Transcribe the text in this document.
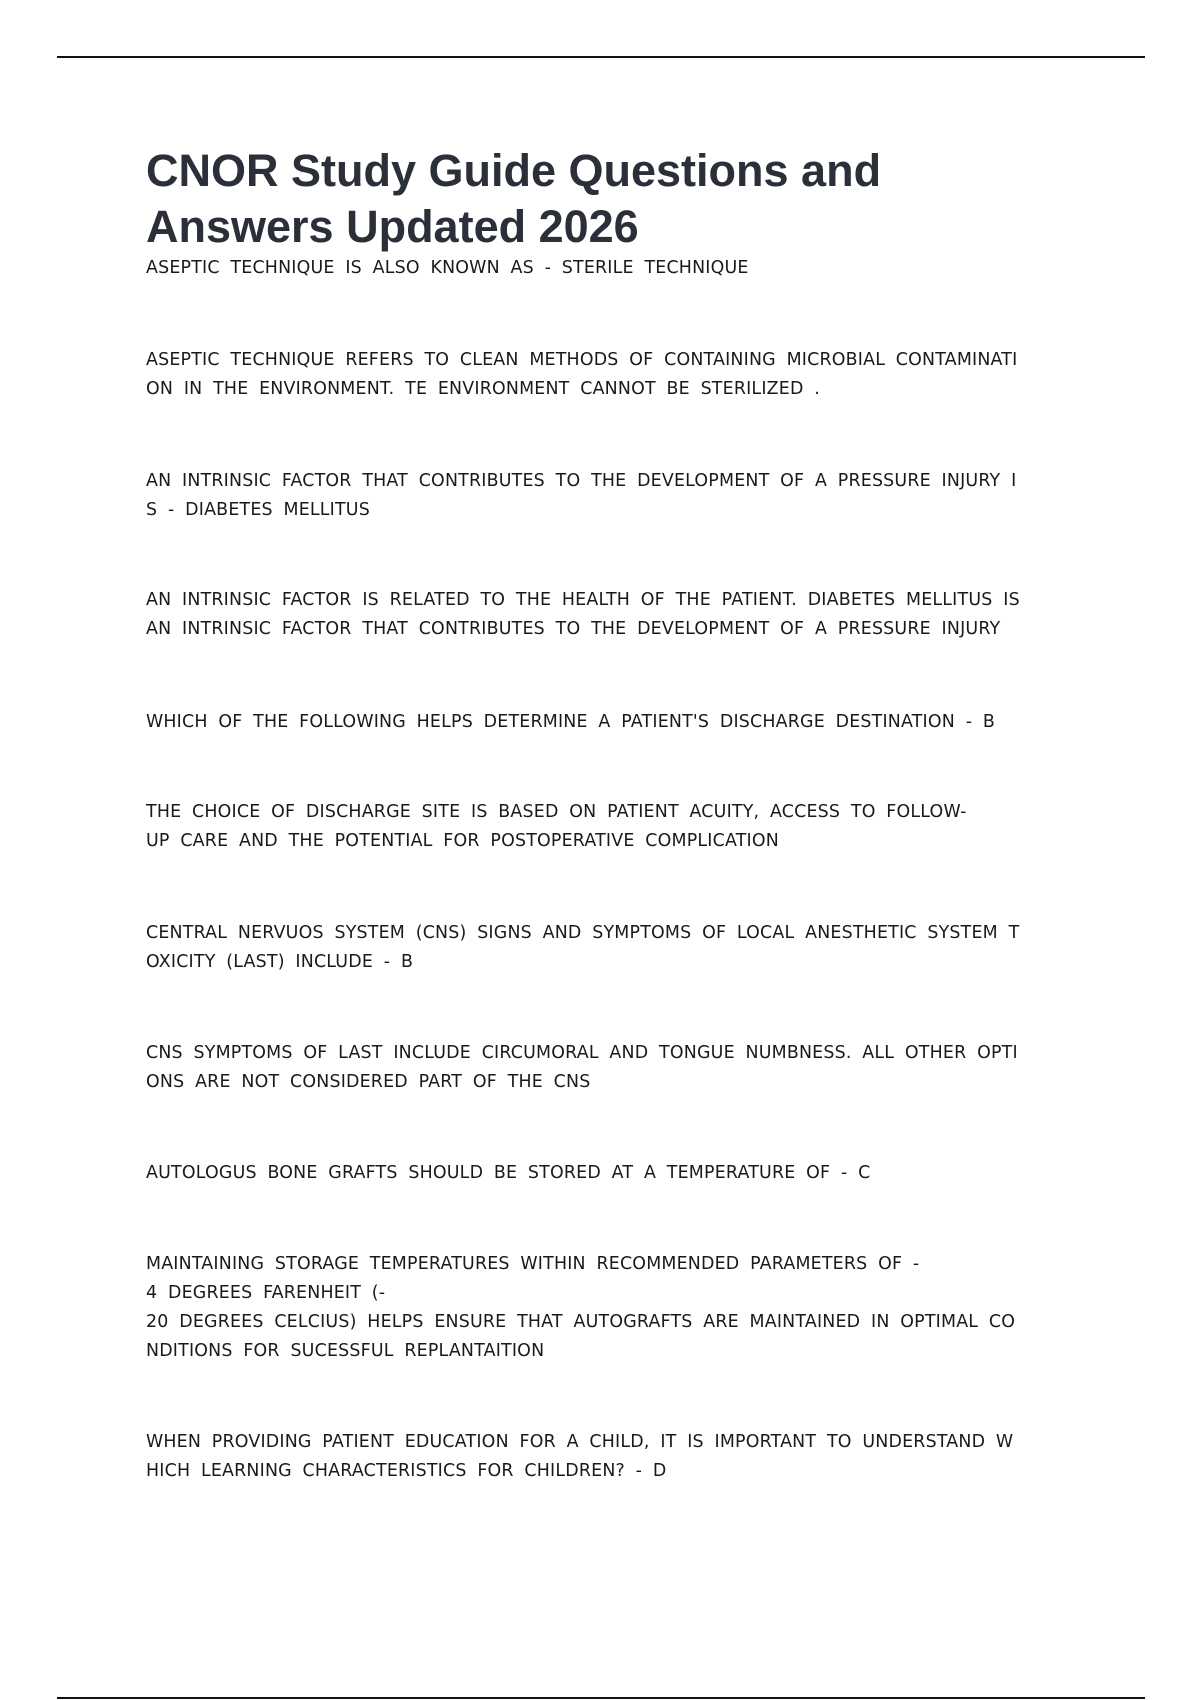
CNOR Study Guide Questions and
Answers Updated 2026
ASEPTIC TECHNIQUE IS ALSO KNOWN AS - STERILE TECHNIQUE
ASEPTIC TECHNIQUE REFERS TO CLEAN METHODS OF CONTAINING MICROBIAL CONTAMINATI
ON IN THE ENVIRONMENT. TE ENVIRONMENT CANNOT BE STERILIZED .
AN INTRINSIC FACTOR THAT CONTRIBUTES TO THE DEVELOPMENT OF A PRESSURE INJURY I
S - DIABETES MELLITUS
AN INTRINSIC FACTOR IS RELATED TO THE HEALTH OF THE PATIENT. DIABETES MELLITUS IS
AN INTRINSIC FACTOR THAT CONTRIBUTES TO THE DEVELOPMENT OF A PRESSURE INJURY
WHICH OF THE FOLLOWING HELPS DETERMINE A PATIENT'S DISCHARGE DESTINATION - B
THE CHOICE OF DISCHARGE SITE IS BASED ON PATIENT ACUITY, ACCESS TO FOLLOW-
UP CARE AND THE POTENTIAL FOR POSTOPERATIVE COMPLICATION
CENTRAL NERVUOS SYSTEM (CNS) SIGNS AND SYMPTOMS OF LOCAL ANESTHETIC SYSTEM T
OXICITY (LAST) INCLUDE - B
CNS SYMPTOMS OF LAST INCLUDE CIRCUMORAL AND TONGUE NUMBNESS. ALL OTHER OPTI
ONS ARE NOT CONSIDERED PART OF THE CNS
AUTOLOGUS BONE GRAFTS SHOULD BE STORED AT A TEMPERATURE OF - C
MAINTAINING STORAGE TEMPERATURES WITHIN RECOMMENDED PARAMETERS OF -
4 DEGREES FARENHEIT (-
20 DEGREES CELCIUS) HELPS ENSURE THAT AUTOGRAFTS ARE MAINTAINED IN OPTIMAL CO
NDITIONS FOR SUCESSFUL REPLANTAITION
WHEN PROVIDING PATIENT EDUCATION FOR A CHILD, IT IS IMPORTANT TO UNDERSTAND W
HICH LEARNING CHARACTERISTICS FOR CHILDREN? - D
